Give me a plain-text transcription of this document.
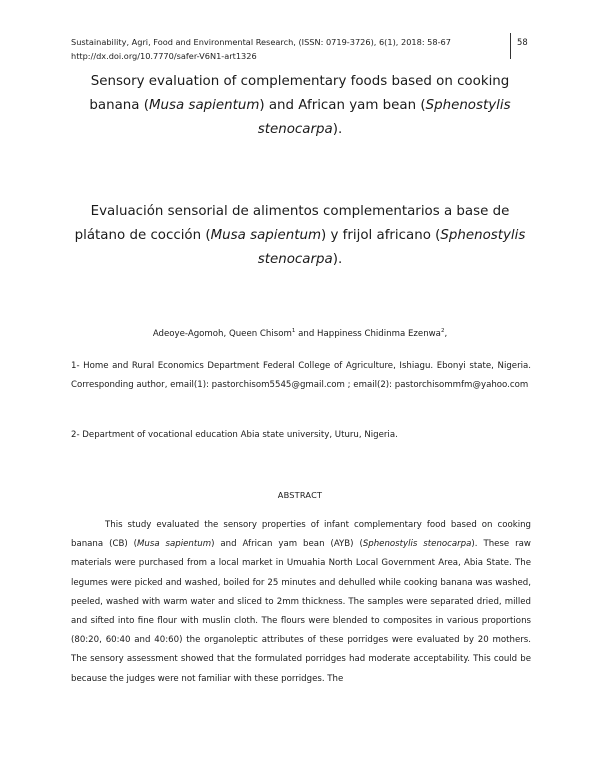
Sustainability, Agri, Food and Environmental Research, (ISSN: 0719-3726), 6(1), 2018: 58-67
http://dx.doi.org/10.7770/safer-V6N1-art1326
58
Sensory evaluation of complementary foods based on cooking banana (Musa sapientum) and African yam bean (Sphenostylis stenocarpa).
Evaluación sensorial de alimentos complementarios a base de plátano de cocción (Musa sapientum) y frijol africano (Sphenostylis stenocarpa).
Adeoye-Agomoh, Queen Chisom$^1$ and Happiness Chidinma Ezenwa$^2$,
1- Home and Rural Economics Department Federal College of Agriculture, Ishiagu. Ebonyi state, Nigeria. Corresponding author, email(1): pastorchisom5545@gmail.com ; email(2): pastorchisommfm@yahoo.com
2- Department of vocational education Abia state university, Uturu, Nigeria.
ABSTRACT

This study evaluated the sensory properties of infant complementary food based on cooking banana (CB) (Musa sapientum) and African yam bean (AYB) (Sphenostylis stenocarpa). These raw materials were purchased from a local market in Umuahia North Local Government Area, Abia State. The legumes were picked and washed, boiled for 25 minutes and dehulled while cooking banana was washed, peeled, washed with warm water and sliced to 2mm thickness. The samples were separated dried, milled and sifted into fine flour with muslin cloth. The flours were blended to composites in various proportions (80:20, 60:40 and 40:60) the organoleptic attributes of these porridges were evaluated by 20 mothers. The sensory assessment showed that the formulated porridges had moderate acceptability. This could be because the judges were not familiar with these porridges. The
